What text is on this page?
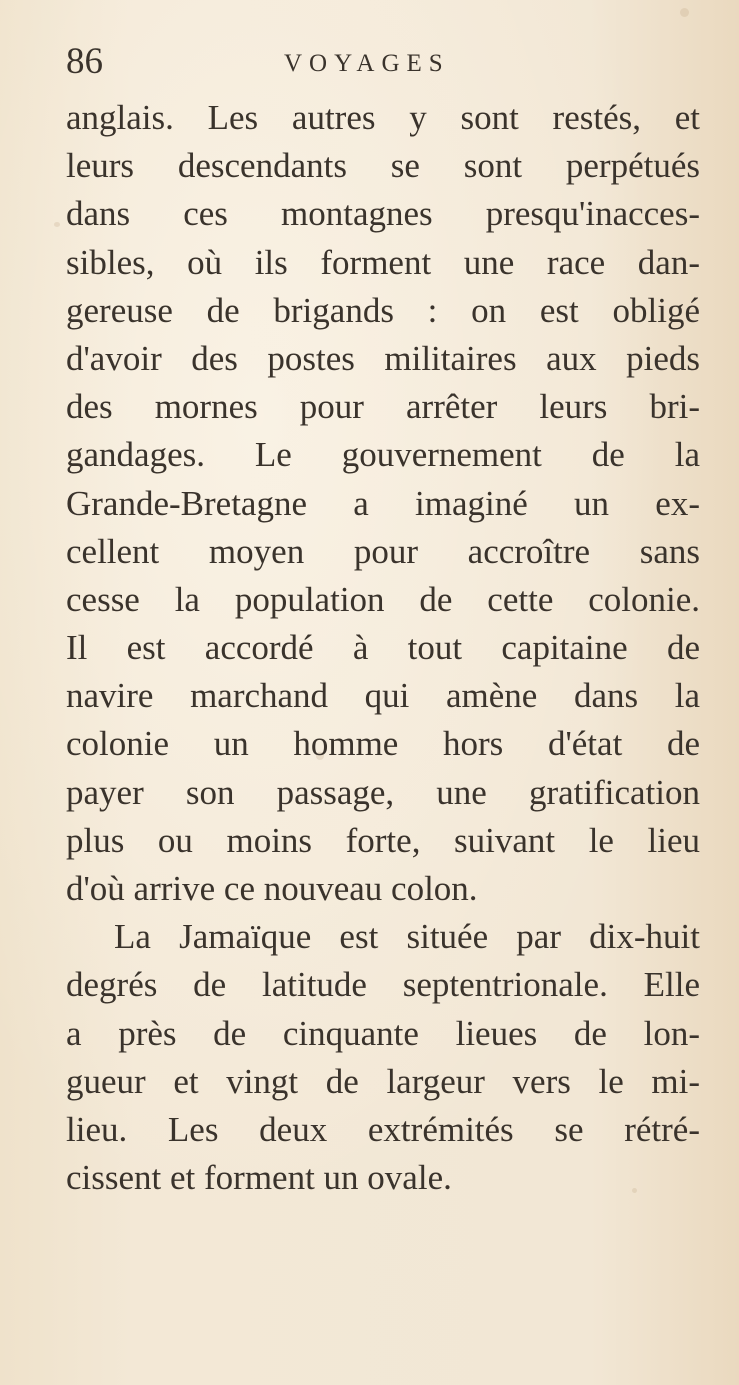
86	VOYAGES
anglais. Les autres y sont restés, et
leurs descendants se sont perpétués
dans ces montagnes presqu'inacces-
sibles, où ils forment une race dan-
gereuse de brigands : on est obligé
d'avoir des postes militaires aux pieds
des mornes pour arrêter leurs bri-
gandages. Le gouvernement de la
Grande-Bretagne a imaginé un ex-
cellent moyen pour accroître sans
cesse la population de cette colonie.
Il est accordé à tout capitaine de
navire marchand qui amène dans la
colonie un homme hors d'état de
payer son passage, une gratification
plus ou moins forte, suivant le lieu
d'où arrive ce nouveau colon.
La Jamaïque est située par dix-huit
degrés de latitude septentrionale. Elle
a près de cinquante lieues de lon-
gueur et vingt de largeur vers le mi-
lieu. Les deux extrémités se rétré-
cissent et forment un ovale.
